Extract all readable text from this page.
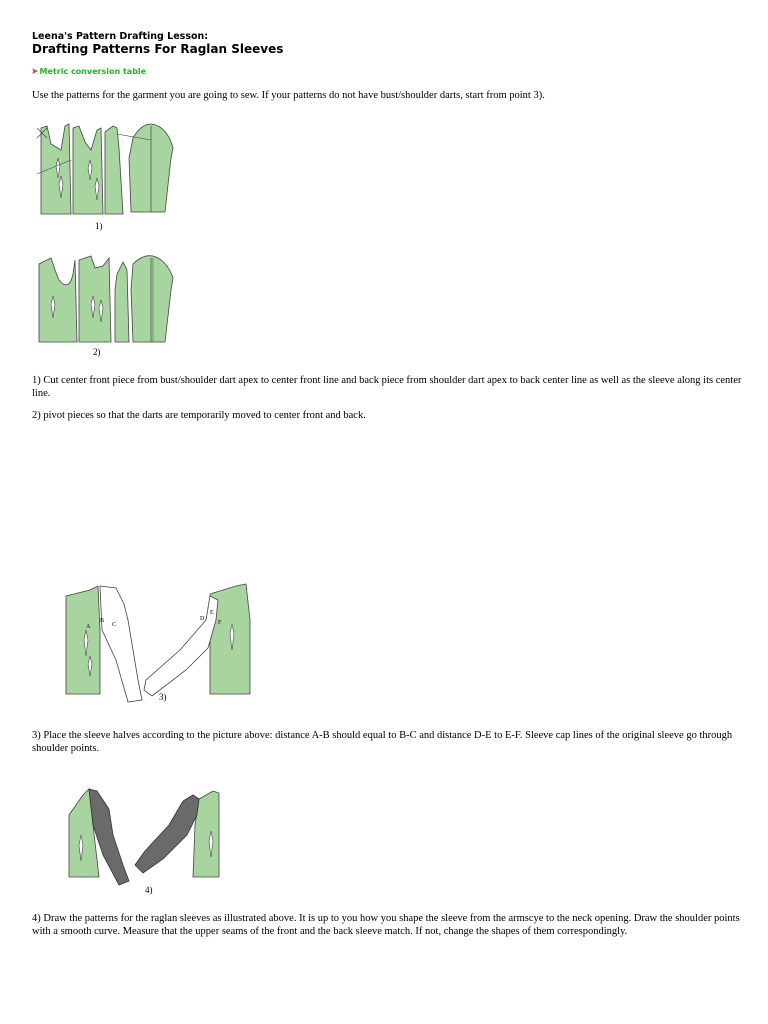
Leena's Pattern Drafting Lesson:
Drafting Patterns For Raglan Sleeves
➤Metric conversion table

Use the patterns for the garment you are going to sew. If your patterns do not have bust/shoulder darts, start from point 3).

1)
2)

1) Cut center front piece from bust/shoulder dart apex to center front line and back piece from shoulder dart apex to back center line as well as the sleeve along its center line.

2) pivot pieces so that the darts are temporarily moved to center front and back.

A
B
C
D
E
F
3)

3) Place the sleeve halves according to the picture above: distance A-B should equal to B-C and distance D-E to E-F. Sleeve cap lines of the original sleeve go through shoulder points.

4)

4) Draw the patterns for the raglan sleeves as illustrated above. It is up to you how you shape the sleeve from the armscye to the neck opening. Draw the shoulder points with a smooth curve. Measure that the upper seams of the front and the back sleeve match. If not, change the shapes of them correspondingly.
